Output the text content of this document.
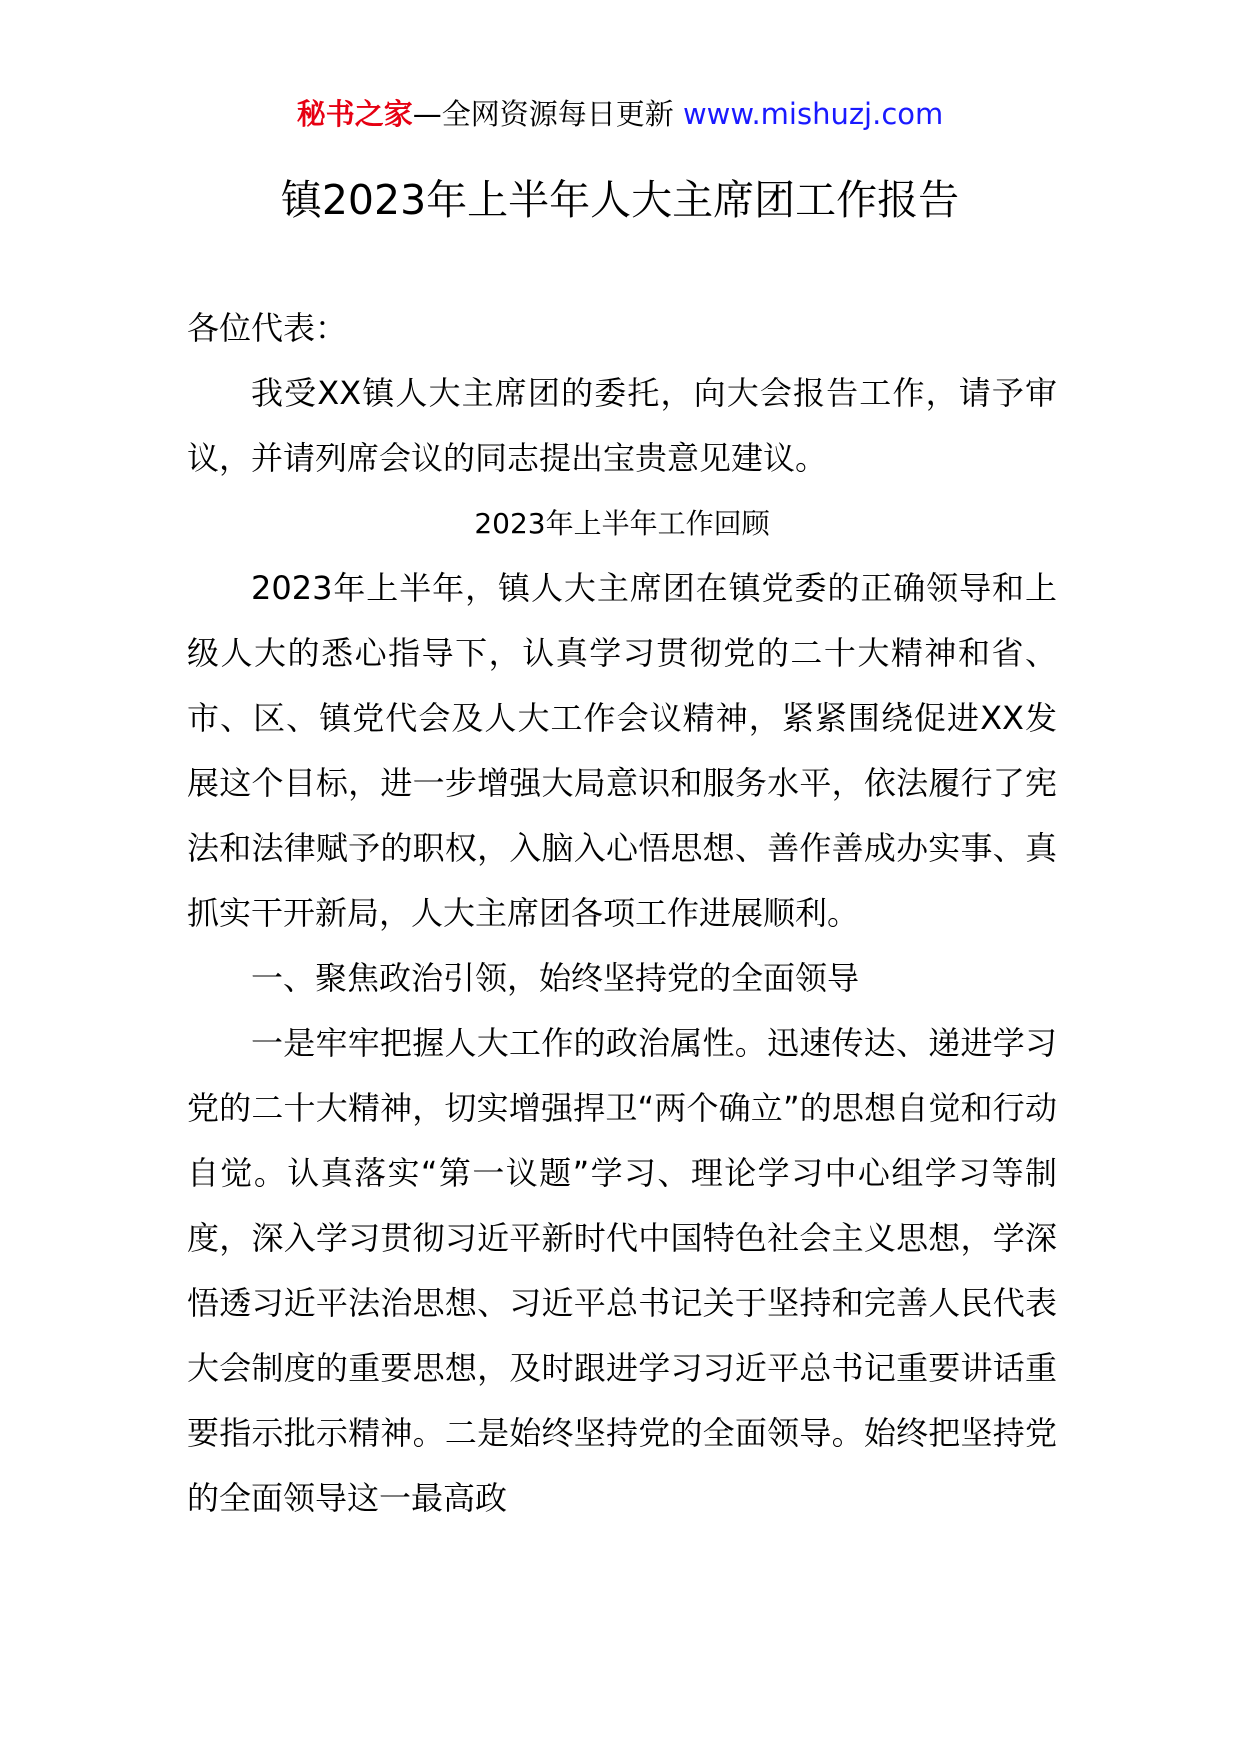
秘书之家—全网资源每日更新 www.mishuzj.com
镇2023年上半年人大主席团工作报告

各位代表：

我受XX镇人大主席团的委托，向大会报告工作，请予审议，并请列席会议的同志提出宝贵意见建议。

2023年上半年工作回顾

2023年上半年，镇人大主席团在镇党委的正确领导和上级人大的悉心指导下，认真学习贯彻党的二十大精神和省、市、区、镇党代会及人大工作会议精神，紧紧围绕促进XX发展这个目标，进一步增强大局意识和服务水平，依法履行了宪法和法律赋予的职权，入脑入心悟思想、善作善成办实事、真抓实干开新局，人大主席团各项工作进展顺利。

一、聚焦政治引领，始终坚持党的全面领导

一是牢牢把握人大工作的政治属性。迅速传达、递进学习党的二十大精神，切实增强捍卫“两个确立”的思想自觉和行动自觉。认真落实“第一议题”学习、理论学习中心组学习等制度，深入学习贯彻习近平新时代中国特色社会主义思想，学深悟透习近平法治思想、习近平总书记关于坚持和完善人民代表大会制度的重要思想，及时跟进学习习近平总书记重要讲话重要指示批示精神。二是始终坚持党的全面领导。始终把坚持党的全面领导这一最高政
